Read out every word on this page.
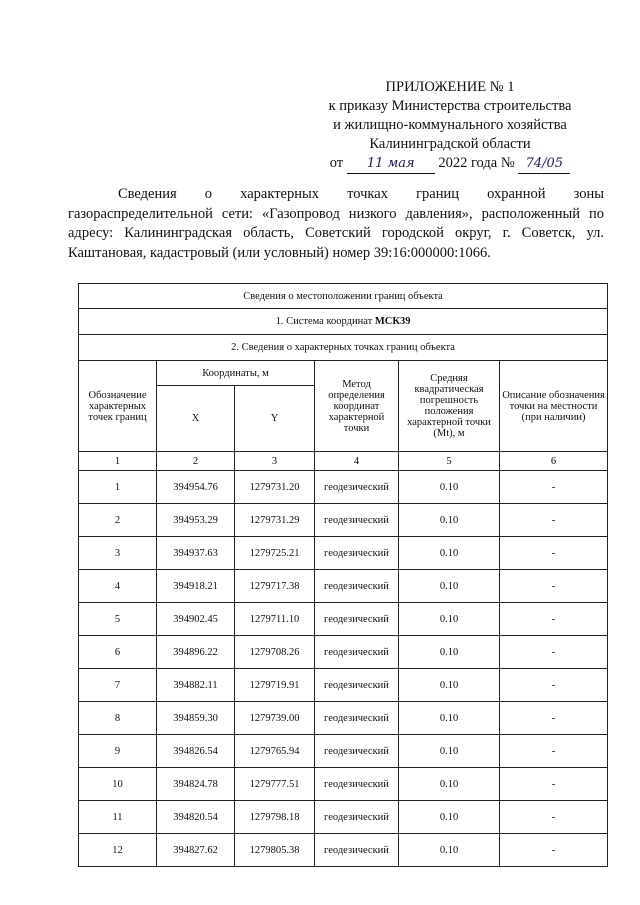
ПРИЛОЖЕНИЕ № 1
к приказу Министерства строительства
и жилищно-коммунального хозяйства
Калининградской области
от 11 мая 2022 года № 74/05
Сведения о характерных точках границ охранной зоны газораспределительной сети: «Газопровод низкого давления», расположенный по адресу: Калининградская область, Советский городской округ, г. Советск, ул. Каштановая, кадастровый (или условный) номер 39:16:000000:1066.
Сведения о местоположении границ объекта					
1. Система координат МСК39					
2. Сведения о характерных точках границ объекта					
Обозначение характерных точек границ	Координаты, м		Метод определения координат характерной точки	Средняя квадратическая погрешность положения характерной точки (Mt), м	Описание обозначения точки на местности (при наличии)
	X	Y			
1	2	3	4	5	6
1	394954.76	1279731.20	геодезический	0.10	-
2	394953.29	1279731.29	геодезический	0.10	-
3	394937.63	1279725.21	геодезический	0.10	-
4	394918.21	1279717.38	геодезический	0.10	-
5	394902.45	1279711.10	геодезический	0.10	-
6	394896.22	1279708.26	геодезический	0.10	-
7	394882.11	1279719.91	геодезический	0.10	-
8	394859.30	1279739.00	геодезический	0.10	-
9	394826.54	1279765.94	геодезический	0.10	-
10	394824.78	1279777.51	геодезический	0.10	-
11	394820.54	1279798.18	геодезический	0.10	-
12	394827.62	1279805.38	геодезический	0.10	-
